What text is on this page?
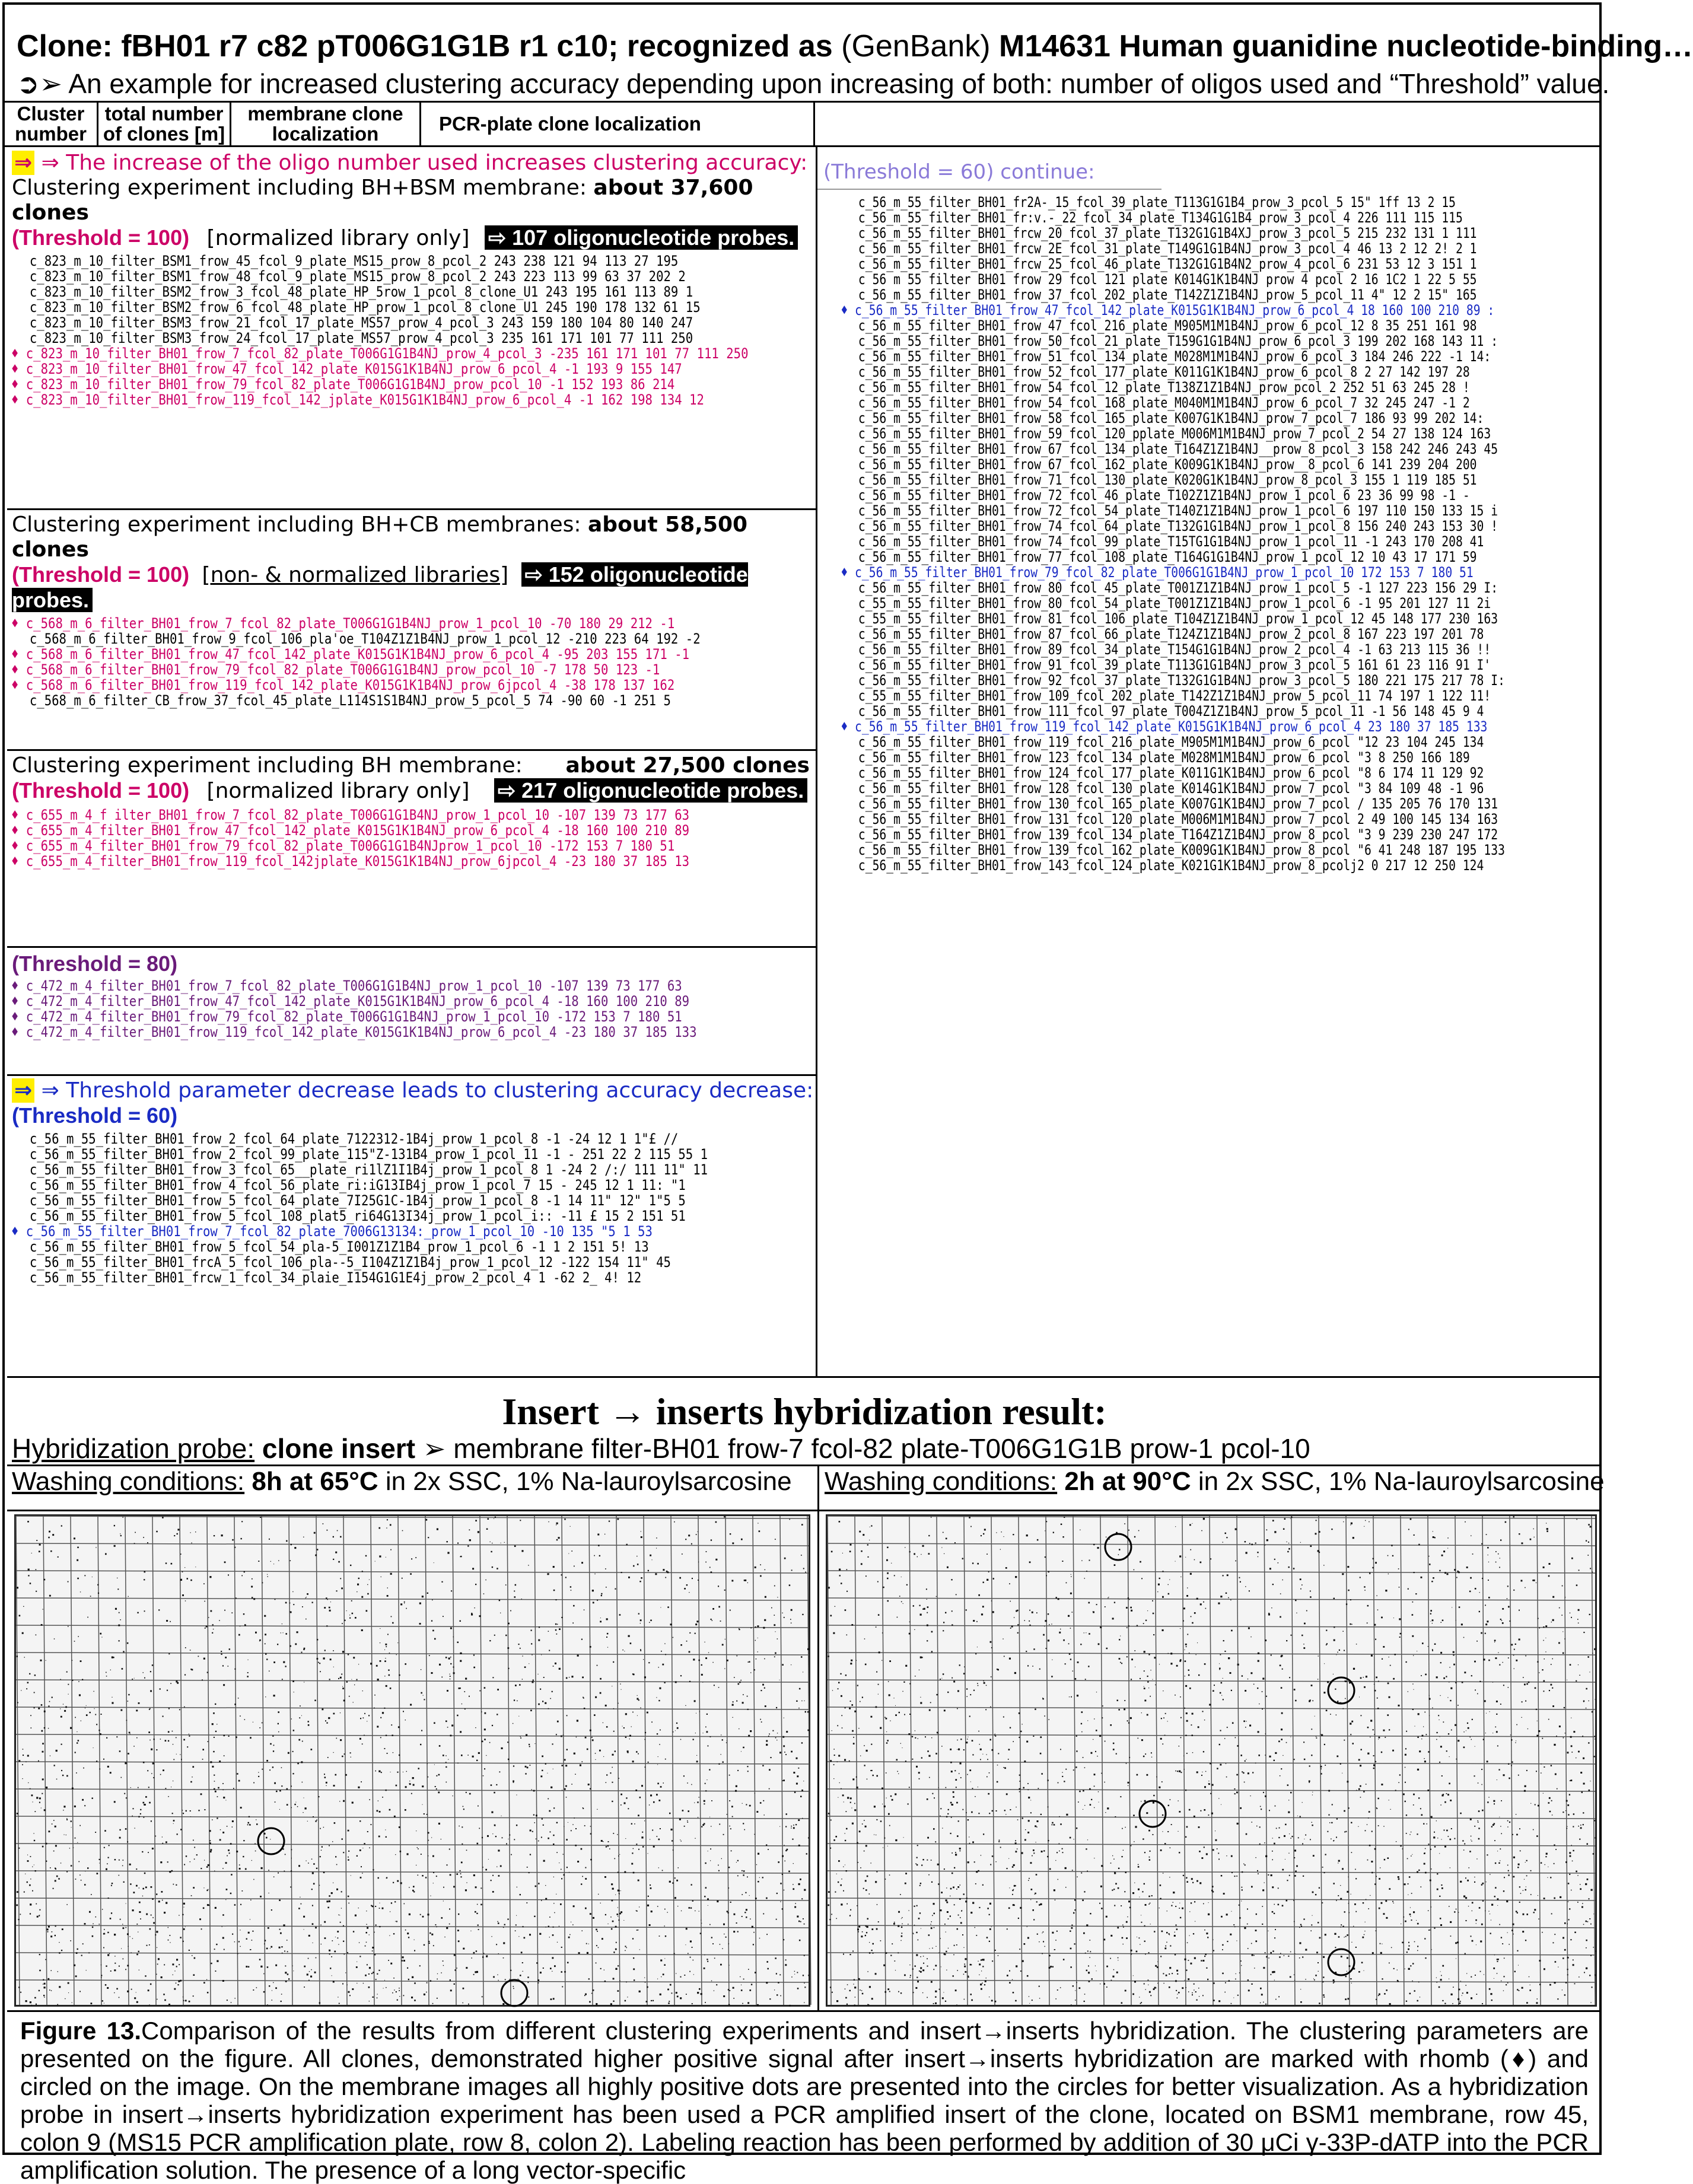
Clone: fBH01 r7 c82 pT006G1G1B r1 c10; recognized as (GenBank) M14631 Human guanidine nucleotide-binding…
➲➢ An example for increased clustering accuracy depending upon increasing of both: number of oligos used and “Threshold” value.
Cluster number
total number of clones [m]
membrane clone localization	PCR-plate clone localization
⇒ ⇒ The increase of the oligo number used increases clustering accuracy:
Clustering experiment including BH+BSM membrane: about 37,600 clones
(Threshold = 100) [normalized library only] ⇨ 107 oligonucleotide probes.
c_823_m_10_filter_BSM1_frow_45_fcol_9_plate_MS15_prow_8_pcol_2 243 238 121 94 113 27 195
c_823_m_10_filter_BSM1_frow_48_fcol_9_plate_MS15_prow_8_pcol_2 243 223 113 99 63 37 202 2
c_823_m_10_filter_BSM2_frow_3_fcol_48_plate_HP_5row_1_pcol_8_clone_U1 243 195 161 113 89 1
c_823_m_10_filter_BSM2_frow_6_fcol_48_plate_HP_prow_1_pcol_8_clone_U1 245 190 178 132 61 15
c_823_m_10_filter_BSM3_frow_21_fcol_17_plate_MS57_prow_4_pcol_3 243 159 180 104 80 140 247
c_823_m_10_filter_BSM3_frow_24_fcol_17_plate_MS57_prow_4_pcol_3 235 161 171 101 77 111 250
♦ c_823_m_10_filter_BH01_frow_7_fcol_82_plate_T006G1G1B4NJ_prow_4_pcol_3 -235 161 171 101 77 111 250
♦ c_823_m_10_filter_BH01_frow_47_fcol_142_plate_K015G1K1B4NJ_prow_6_pcol_4 -1 193 9 155 147
♦ c_823_m_10_filter_BH01_frow_79_fcol_82_plate_T006G1G1B4NJ_prow_pcol_10 -1 152 193 86 214
♦ c_823_m_10_filter_BH01_frow_119_fcol_142_jplate_K015G1K1B4NJ_prow_6_pcol_4 -1 162 198 134 12
Clustering experiment including BH+CB membranes: about 58,500 clones
(Threshold = 100) [non- & normalized libraries] ⇨ 152 oligonucleotide probes.
♦ c_568_m_6_filter_BH01_frow_7_fcol_82_plate_T006G1G1B4NJ_prow_1_pcol_10 -70 180 29 212 -1
c_568_m_6_filter_BH01_frow_9_fcol_106_pla'oe_T104Z1Z1B4NJ_prow_1_pcol_12 -210 223 64 192 -2
♦ c_568_m_6_filter_BH01_frow_47_fcol_142_plate_K015G1K1B4NJ_prow_6_pcol_4 -95 203 155 171 -1
♦ c_568_m_6_filter_BH01_frow_79_fcol_82_plate_T006G1G1B4NJ_prow_pcol_10 -7 178 50 123 -1
♦ c_568_m_6_filter_BH01_frow_119_fcol_142_plate_K015G1K1B4NJ_prow_6jpcol_4 -38 178 137 162
c_568_m_6_filter_CB_frow_37_fcol_45_plate_L114S1S1B4NJ_prow_5_pcol_5 74 -90 60 -1 251 5
Clustering experiment including BH membrane: about 27,500 clones
(Threshold = 100) [normalized library only] ⇨ 217 oligonucleotide probes.
♦ c_655_m_4_f ilter_BH01_frow_7_fcol_82_plate_T006G1G1B4NJ_prow_1_pcol_10 -107 139 73 177 63
♦ c_655_m_4_filter_BH01_frow_47_fcol_142_plate_K015G1K1B4NJ_prow_6_pcol_4 -18 160 100 210 89
♦ c_655_m_4_filter_BH01_frow_79_fcol_82_plate_T006G1G1B4NJprow_1_pcol_10 -172 153 7 180 51
♦ c_655_m_4_filter_BH01_frow_119_fcol_142jplate_K015G1K1B4NJ_prow_6jpcol_4 -23 180 37 185 13
(Threshold = 80)
♦ c_472_m_4_filter_BH01_frow_7_fcol_82_plate_T006G1G1B4NJ_prow_1_pcol_10 -107 139 73 177 63
♦ c_472_m_4_filter_BH01_frow_47_fcol_142_plate_K015G1K1B4NJ_prow_6_pcol_4 -18 160 100 210 89
♦ c_472_m_4_filter_BH01_frow_79_fcol_82_plate_T006G1G1B4NJ_prow_1_pcol_10 -172 153 7 180 51
♦ c_472_m_4_filter_BH01_frow_119_fcol_142_plate_K015G1K1B4NJ_prow_6_pcol_4 -23 180 37 185 133
⇒ ⇒ Threshold parameter decrease leads to clustering accuracy decrease:
(Threshold = 60)
c_56_m_55_filter_BH01_frow_2_fcol_64_plate_7122312-1B4j_prow_1_pcol_8 -1 -24 12 1 1"£ //
c_56_m_55_filter_BH01_frow_2_fcol_99_plate_115"Z-131B4_prow_1_pcol_11 -1 - 251 22 2 115 55 1
c_56_m_55_filter_BH01_frow_3_fcol_65__plate_ri1lZ1I1B4j_prow_1_pcol_8 1 -24 2 /:/ 111 11" 11
c_56_m_55_filter_BH01_frow_4_fcol_56_plate_ri:iG13IB4j_prow_1_pcol_7 15 - 245 12 1 11: "1
c_56_m_55_filter_BH01_frow_5_fcol_64_plate_7I25G1C-1B4j_prow_1_pcol_8 -1 14 11" 12" 1"5 5
c_56_m_55_filter_BH01_frow_5_fcol_108_plat5_ri64G13I34j_prow_1_pcol_i:: -11 £ 15 2 151 51
♦ c_56_m_55_filter_BH01_frow_7_fcol_82_plate_7006G13134:_prow_1_pcol_10 -10 135 "5 1 53
c_56_m_55_filter_BH01_frow_5_fcol_54_pla-5_I001Z1Z1B4_prow_1_pcol_6 -1 1 2 151 5! 13
c_56_m_55_filter_BH01_frcA_5_fcol_106_pla--5_I104Z1Z1B4j_prow_1_pcol_12 -122 154 11" 45
c_56_m_55_filter_BH01_frcw_1_fcol_34_plaie_I154G1G1E4j_prow_2_pcol_4 1 -62 2_ 4! 12
(Threshold = 60) continue:
c_56_m_55_filter_BH01_fr2A-_15_fcol_39_plate_T113G1G1B4_prow_3_pcol_5 15" 1ff 13 2 15
c_56_m_55_filter_BH01_fr:v.-_22_fcol_34_plate_T134G1G1B4_prow_3_pcol_4 226 111 115 115
c_56_m_55_filter_BH01_frcw_20_fcol_37_plate_T132G1G1B4XJ_prow_3_pcol_5 215 232 131 1 111
c_56_m_55_filter_BH01_frcw_2E_fcol_31_plate_T149G1G1B4NJ_prow_3_pcol_4 46 13 2 12 2! 2 1
c_56_m_55_filter_BH01_frcw_25_fcol_46_plate_T132G1G1B4N2_prow_4_pcol_6 231 53 12 3 151 1
c 56 m 55 filter BH01 frow 29 fcol 121 plate K014G1K1B4NJ prow 4 pcol 2 16 1C2 1 22 5 55
c_56_m_55_filter_BH01_frow_37_fcol_202_plate_T142Z1Z1B4NJ_prow_5_pcol_11 4" 12 2 15" 165
♦ c_56_m_55_filter_BH01_frow_47_fcol_142_plate_K015G1K1B4NJ_prow_6_pcol_4 18 160 100 210 89 :
c_56_m_55_filter_BH01_frow_47_fcol_216_plate_M905M1M1B4NJ_prow_6_pcol_12 8 35 251 161 98
c_56_m_55_filter_BH01_frow_50_fcol_21_plate_T159G1G1B4NJ_prow_6_pcol_3 199 202 168 143 11 :
c_56_m_55_filter_BH01_frow_51_fcol_134_plate_M028M1M1B4NJ_prow_6_pcol_3 184 246 222 -1 14:
c_56_m_55_filter_BH01_frow_52_fcol_177_plate_K011G1K1B4NJ_prow_6_pcol_8 2 27 142 197 28
c_56_m_55_filter_BH01_frow_54_fcol_12_plate_T138Z1Z1B4NJ_prow_pcol_2 252 51 63 245 28 !
c_56_m_55_filter_BH01_frow_54_fcol_168_plate_M040M1M1B4NJ_prow_6_pcol_7 32 245 247 -1 2
c_56_m_55_filter_BH01_frow_58_fcol_165_plate_K007G1K1B4NJ_prow_7_pcol_7 186 93 99 202 14:
c_56_m_55_filter_BH01_frow_59_fcol_120_pplate_M006M1M1B4NJ_prow_7_pcol_2 54 27 138 124 163
c_56_m_55_filter_BH01_frow_67_fcol_134_plate_T164Z1Z1B4NJ__prow_8_pcol_3 158 242 246 243 45
c_56_m_55_filter_BH01_frow_67_fcol_162_plate_K009G1K1B4NJ_prow__8_pcol_6 141 239 204 200
c_56_m_55_filter_BH01_frow_71_fcol_130_plate_K020G1K1B4NJ_prow_8_pcol_3 155 1 119 185 51
c_56_m_55_filter_BH01_frow_72_fcol_46_plate_T102Z1Z1B4NJ_prow_1_pcol_6 23 36 99 98 -1 -
c_56_m_55_filter_BH01_frow_72_fcol_54_plate_T140Z1Z1B4NJ_prow_1_pcol_6 197 110 150 133 15 i
c_56_m_55_filter_BH01_frow_74_fcol_64_plate_T132G1G1B4NJ_prow_1_pcol_8 156 240 243 153 30 !
c_56_m_55_filter_BH01_frow_74_fcol_99_plate_T15TG1G1B4NJ_prow_1_pcol_11 -1 243 170 208 41
c_56_m_55_filter_BH01_frow_77_fcol_108_plate_T164G1G1B4NJ_prow_1_pcol_12 10 43 17 171 59
♦ c_56_m_55_filter_BH01_frow_79_fcol_82_plate_T006G1G1B4NJ_prow_1_pcol_10 172 153 7 180 51
c_56_m_55_filter_BH01_frow_80_fcol_45_plate_T001Z1Z1B4NJ_prow_1_pcol_5 -1 127 223 156 29 I:
c_55_m_55_filter_BH01_frow_80_fcol_54_plate_T001Z1Z1B4NJ_prow_1_pcol_6 -1 95 201 127 11 2i
c_55_m_55_filter_BH01_frow_81_fcol_106_plate_T104Z1Z1B4NJ_prow_1_pcol_12 45 148 177 230 163
c_56_m_55_filter_BH01_frow_87_fcol_66_plate_T124Z1Z1B4NJ_prow_2_pcol_8 167 223 197 201 78
c_56_m_55_filter_BH01_frow_89_fcol_34_plate_T154G1G1B4NJ_prow_2_pcol_4 -1 63 213 115 36 !!
c_56_m_55_filter_BH01_frow_91_fcol_39_plate_T113G1G1B4NJ_prow_3_pcol_5 161 61 23 116 91 I'
c_56_m_55_filter_BH01_frow_92_fcol_37_plate_T132G1G1B4NJ_prow_3_pcol_5 180 221 175 217 78 I:
c_55_m_55_filter_BH01_frow_109_fcol_202_plate_T142Z1Z1B4NJ_prow_5_pcol_11 74 197 1 122 11!
c_56_m_55_filter_BH01_frow_111_fcol_97_plate_T004Z1Z1B4NJ_prow_5_pcol_11 -1 56 148 45 9 4
♦ c_56_m_55_filter_BH01_frow_119_fcol_142_plate_K015G1K1B4NJ_prow_6_pcol_4 23 180 37 185 133
c_56_m_55_filter_BH01_frow_119_fcol_216_plate_M905M1M1B4NJ_prow_6_pcol "12 23 104 245 134
c_56_m_55_filter_BH01_frow_123_fcol_134_plate_M028M1M1B4NJ_prow_6_pcol "3 8 250 166 189
c_56_m_55_filter_BH01_frow_124_fcol_177_plate_K011G1K1B4NJ_prow_6_pcol "8 6 174 11 129 92
c_56_m_55_filter_BH01_frow_128_fcol_130_plate_K014G1K1B4NJ_prow_7_pcol "3 84 109 48 -1 96
c_56_m_55_filter_BH01_frow_130_fcol_165_plate_K007G1K1B4NJ_prow_7_pcol / 135 205 76 170 131
c_56_m_55_filter_BH01_frow_131_fcol_120_plate_M006M1M1B4NJ_prow_7_pcol 2 49 100 145 134 163
c_56_m_55_filter_BH01_frow_139_fcol_134_plate_T164Z1Z1B4NJ_prow_8_pcol "3 9 239 230 247 172
c_56_m_55_filter_BH01_frow_139_fcol_162_plate_K009G1K1B4NJ_prow_8_pcol "6 41 248 187 195 133
c_56_m_55_filter_BH01_frow_143_fcol_124_plate_K021G1K1B4NJ_prow_8_pcolj2 0 217 12 250 124
Insert → inserts hybridization result:
Hybridization probe: clone insert ➢ membrane filter-BH01 frow-7 fcol-82 plate-T006G1G1B prow-1 pcol-10
Washing conditions: 8h at 65°C in 2x SSC, 1% Na-lauroylsarcosine	Washing conditions: 2h at 90°C in 2x SSC, 1% Na-lauroylsarcosine
Figure 13.Comparison of the results from different clustering experiments and insert→inserts hybridization. The clustering parameters are presented on the figure. All clones, demonstrated higher positive signal after insert→inserts hybridization are marked with rhomb (♦) and circled on the image. On the membrane images all highly positive dots are presented into the circles for better visualization. As a hybridization probe in insert→inserts hybridization experiment has been used a PCR amplified insert of the clone, located on BSM1 membrane, row 45, colon 9 (MS15 PCR amplification plate, row 8, colon 2). Labeling reaction has been performed by addition of 30 μCi γ-33P-dATP into the PCR amplification solution. The presence of a long vector-specific
